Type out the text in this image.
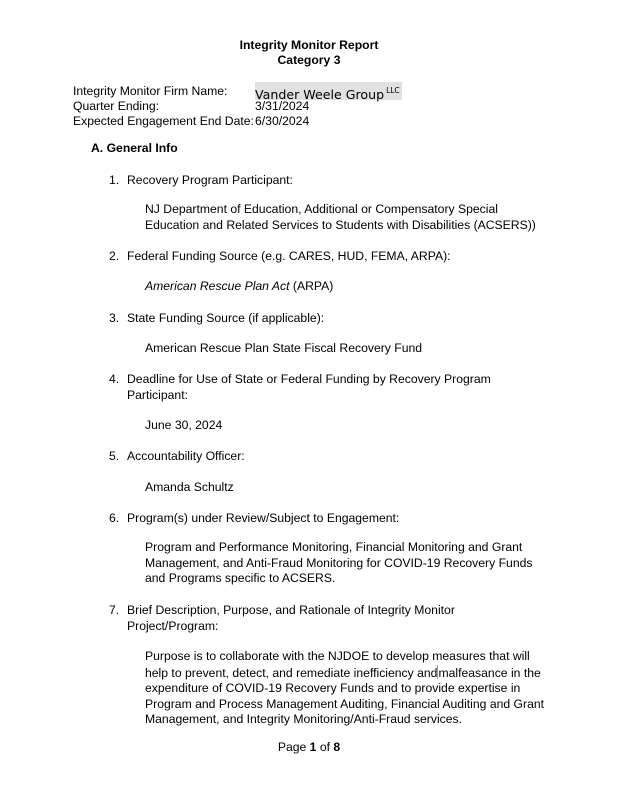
Integrity Monitor Report
Category 3
Integrity Monitor Firm Name: Vander Weele Group $^{LLC}$
Quarter Ending:	3/31/2024
Expected Engagement End Date: 6/30/2024
A. General Info
1. Recovery Program Participant:
NJ Department of Education, Additional or Compensatory Special Education and Related Services to Students with Disabilities (ACSERS))
2. Federal Funding Source (e.g. CARES, HUD, FEMA, ARPA):
American Rescue Plan Act (ARPA)
3. State Funding Source (if applicable):
American Rescue Plan State Fiscal Recovery Fund
4. Deadline for Use of State or Federal Funding by Recovery Program Participant:
June 30, 2024
5. Accountability Officer:
Amanda Schultz
6. Program(s) under Review/Subject to Engagement:
Program and Performance Monitoring, Financial Monitoring and Grant Management, and Anti-Fraud Monitoring for COVID-19 Recovery Funds and Programs specific to ACSERS.
7. Brief Description, Purpose, and Rationale of Integrity Monitor Project/Program:
Purpose is to collaborate with the NJDOE to develop measures that will help to prevent, detect, and remediate inefficiency andmalfeasance in the expenditure of COVID-19 Recovery Funds and to provide expertise in Program and Process Management Auditing, Financial Auditing and Grant Management, and Integrity Monitoring/Anti-Fraud services.
Page 1 of 8
